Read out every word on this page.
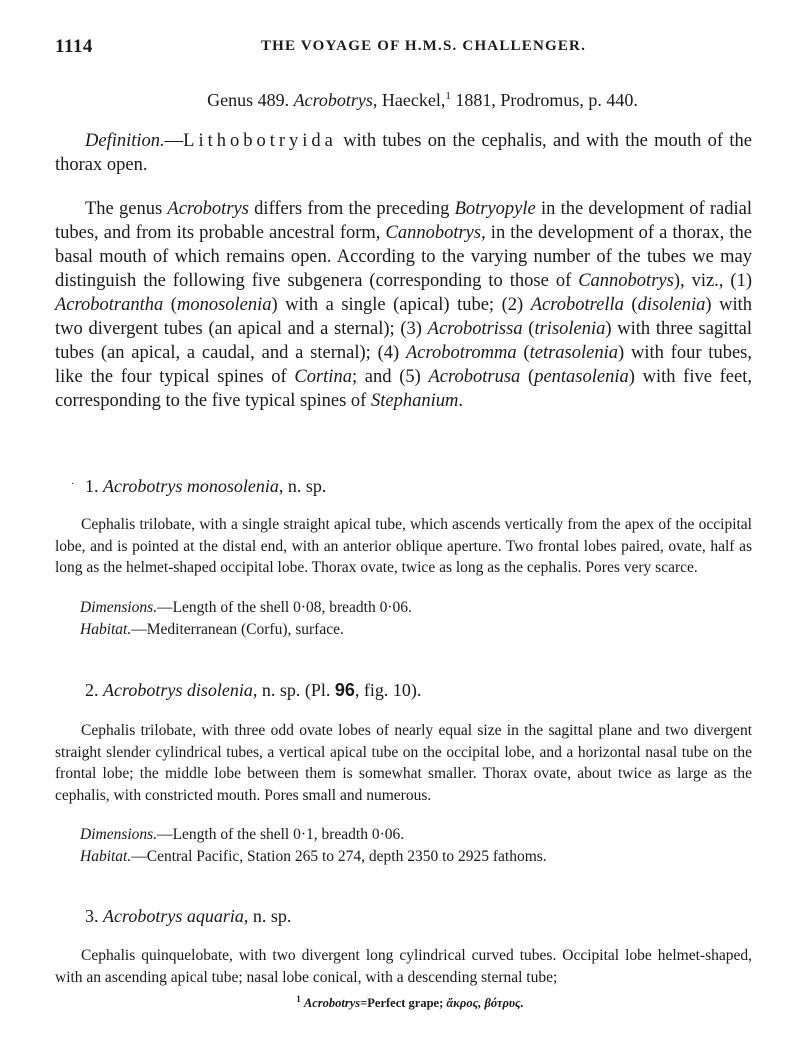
1114	THE VOYAGE OF H.M.S. CHALLENGER.
Genus 489. Acrobotrys, Haeckel,$^1$ 1881, Prodromus, p. 440.
Definition.—Lithobotryida with tubes on the cephalis, and with the mouth of the thorax open.
The genus Acrobotrys differs from the preceding Botryopyle in the development of radial tubes, and from its probable ancestral form, Cannobotrys, in the development of a thorax, the basal mouth of which remains open. According to the varying number of the tubes we may distinguish the following five subgenera (corresponding to those of Cannobotrys), viz., (1) Acrobotrantha (monosolenia) with a single (apical) tube; (2) Acrobotrella (disolenia) with two divergent tubes (an apical and a sternal); (3) Acrobotrissa (trisolenia) with three sagittal tubes (an apical, a caudal, and a sternal); (4) Acrobotromma (tetrasolenia) with four tubes, like the four typical spines of Cortina; and (5) Acrobotrusa (pentasolenia) with five feet, corresponding to the five typical spines of Stephanium.
· 1. Acrobotrys monosolenia, n. sp.
Cephalis trilobate, with a single straight apical tube, which ascends vertically from the apex of the occipital lobe, and is pointed at the distal end, with an anterior oblique aperture. Two frontal lobes paired, ovate, half as long as the helmet-shaped occipital lobe. Thorax ovate, twice as long as the cephalis. Pores very scarce.
Dimensions.—Length of the shell 0·08, breadth 0·06.
Habitat.—Mediterranean (Corfu), surface.
2. Acrobotrys disolenia, n. sp. (Pl. 96, fig. 10).
Cephalis trilobate, with three odd ovate lobes of nearly equal size in the sagittal plane and two divergent straight slender cylindrical tubes, a vertical apical tube on the occipital lobe, and a horizontal nasal tube on the frontal lobe; the middle lobe between them is somewhat smaller. Thorax ovate, about twice as large as the cephalis, with constricted mouth. Pores small and numerous.
Dimensions.—Length of the shell 0·1, breadth 0·06.
Habitat.—Central Pacific, Station 265 to 274, depth 2350 to 2925 fathoms.
3. Acrobotrys aquaria, n. sp.
Cephalis quinquelobate, with two divergent long cylindrical curved tubes. Occipital lobe helmet-shaped, with an ascending apical tube; nasal lobe conical, with a descending sternal tube;
$^1$ Acrobotrys=Perfect grape; ἄκρος, βότρυς.
